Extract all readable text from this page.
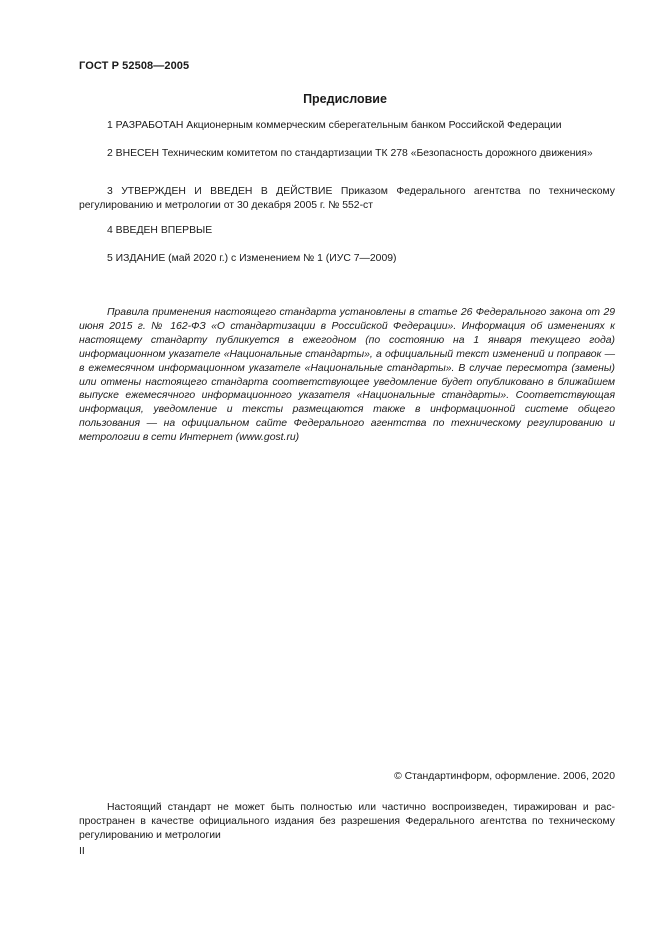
ГОСТ Р 52508—2005
Предисловие
1 РАЗРАБОТАН Акционерным коммерческим сберегательным банком Российской Федерации
2 ВНЕСЕН Техническим комитетом по стандартизации ТК 278 «Безопасность дорожного движения»
3 УТВЕРЖДЕН И ВВЕДЕН В ДЕЙСТВИЕ Приказом Федерального агентства по техническому регулированию и метрологии от 30 декабря 2005 г. № 552-ст
4 ВВЕДЕН ВПЕРВЫЕ
5 ИЗДАНИЕ (май 2020 г.) с Изменением № 1 (ИУС 7—2009)
Правила применения настоящего стандарта установлены в статье 26 Федерального закона от 29 июня 2015 г. № 162-ФЗ «О стандартизации в Российской Федерации». Информация об изменениях к настоящему стандарту публикуется в ежегодном (по состоянию на 1 января текущего года) информационном указателе «Национальные стандарты», а официальный текст изменений и поправок — в ежемесячном информационном указателе «Национальные стандарты». В случае пересмотра (замены) или отмены настоящего стандарта соответствующее уведомление будет опубликовано в ближайшем выпуске ежемесячного информационного указателя «Национальные стандарты». Соответствующая информация, уведомление и тексты размещаются также в информационной системе общего пользования — на официальном сайте Федерального агентства по техническому регулированию и метрологии в сети Интернет (www.gost.ru)
© Стандартинформ, оформление. 2006, 2020
Настоящий стандарт не может быть полностью или частично воспроизведен, тиражирован и распространен в качестве официального издания без разрешения Федерального агентства по техническому регулированию и метрологии
II
